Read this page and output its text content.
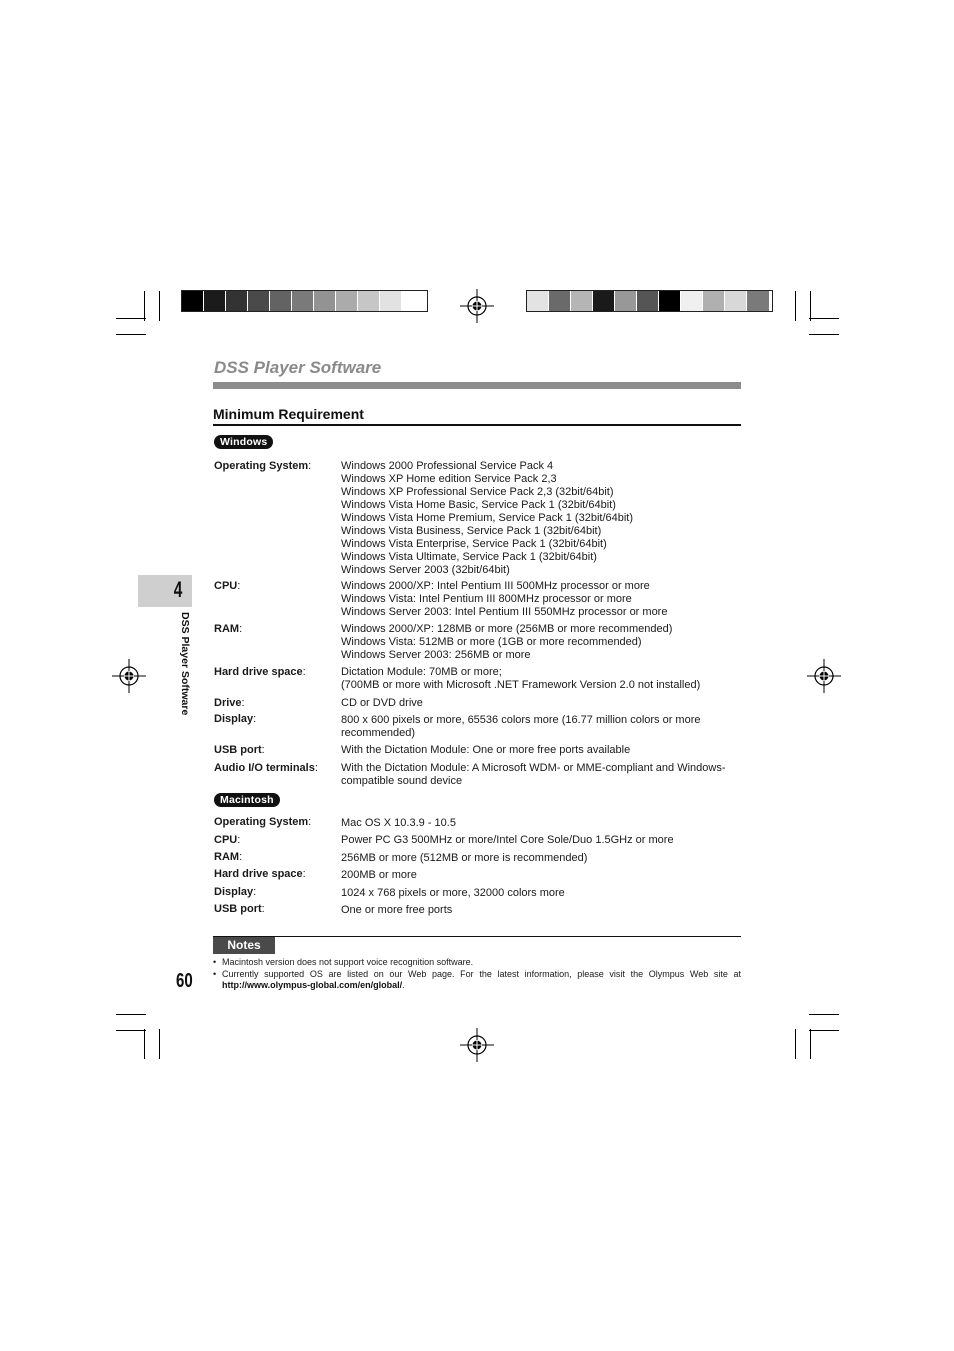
DSS Player Software
Minimum Requirement
Windows
Operating System:	Windows 2000 Professional Service Pack 4
Windows XP Home edition Service Pack 2,3
Windows XP Professional Service Pack 2,3 (32bit/64bit)
Windows Vista Home Basic, Service Pack 1 (32bit/64bit)
Windows Vista Home Premium, Service Pack 1 (32bit/64bit)
Windows Vista Business, Service Pack 1 (32bit/64bit)
Windows Vista Enterprise, Service Pack 1 (32bit/64bit)
Windows Vista Ultimate, Service Pack 1 (32bit/64bit)
Windows Server 2003 (32bit/64bit)
CPU:	Windows 2000/XP: Intel Pentium III 500MHz processor or more
Windows Vista: Intel Pentium III 800MHz processor or more
Windows Server 2003: Intel Pentium III 550MHz processor or more
RAM:	Windows 2000/XP: 128MB or more (256MB or more recommended)
Windows Vista: 512MB or more (1GB or more recommended)
Windows Server 2003: 256MB or more
Hard drive space:	Dictation Module: 70MB or more;
(700MB or more with Microsoft .NET Framework Version 2.0 not installed)
Drive:	CD or DVD drive
Display:	800 x 600 pixels or more, 65536 colors more (16.77 million colors or more recommended)
USB port:	With the Dictation Module: One or more free ports available
Audio I/O terminals: With the Dictation Module: A Microsoft WDM- or MME-compliant and Windows-compatible sound device
Macintosh
Operating System:	Mac OS X 10.3.9 - 10.5
CPU:	Power PC G3 500MHz or more/Intel Core Sole/Duo 1.5GHz or more
RAM:	256MB or more (512MB or more is recommended)
Hard drive space:	200MB or more
Display:	1024 x 768 pixels or more, 32000 colors more
USB port:	One or more free ports
4
DSS Player Software
Notes
• Macintosh version does not support voice recognition software.
• Currently supported OS are listed on our Web page. For the latest information, please visit the Olympus Web site at http://www.olympus-global.com/en/global/.
60
